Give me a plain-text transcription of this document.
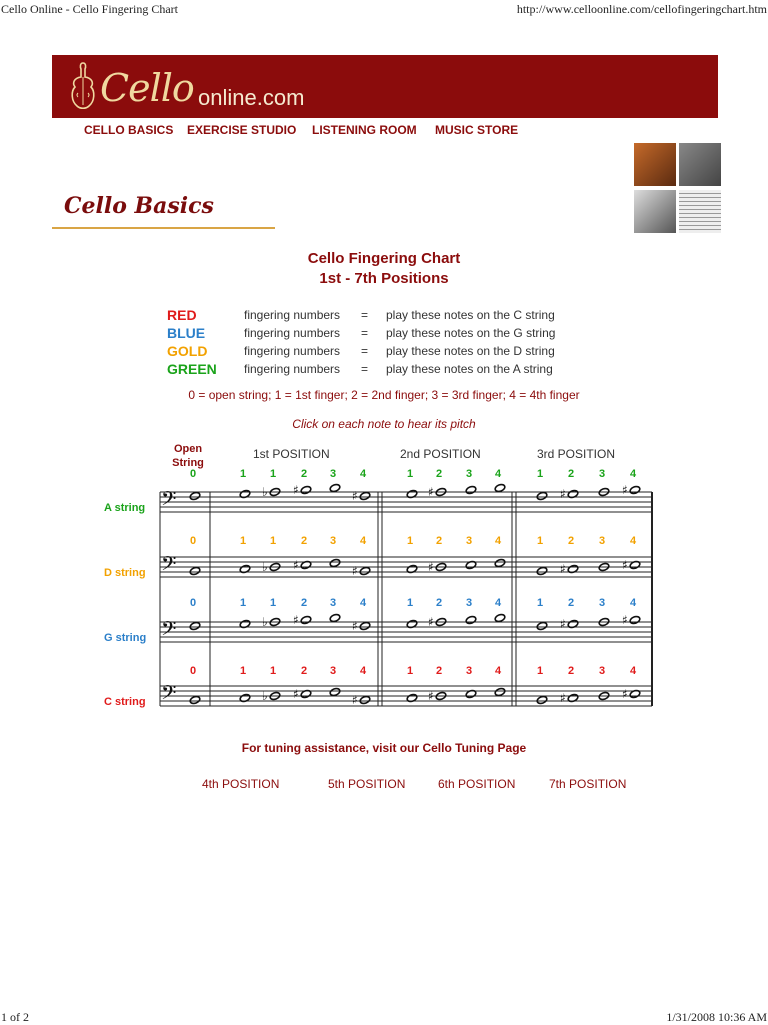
Cello Online - Cello Fingering Chart	http://www.celloonline.com/cellofingeringchart.htm
1 of 2	1/31/2008 10:36 AM
Cello online.com
CELLO BASICS EXERCISE STUDIO LISTENING ROOM MUSIC STORE
Cello Basics
Cello Fingering Chart
1st - 7th Positions
RED	fingering numbers = play these notes on the C string
BLUE	fingering numbers = play these notes on the G string
GOLD	fingering numbers = play these notes on the D string
GREEN fingering numbers = play these notes on the A string
0 = open string; 1 = 1st finger; 2 = 2nd finger; 3 = 3rd finger; 4 = 4th finger
Click on each note to hear its pitch
Open String
1st POSITION	2nd POSITION	3rd POSITION
𝄢	♭ ♯	♯	♯	♯	♯
𝄢	♭ ♯	♯	♯	♯	♯
𝄢	♭ ♯	♯	♯	♯	♯
𝄢	♭ ♯	♯	♯	♯	♯
0	1	1	2	3	4	1	2	3	4	1	2	3	4
A string
0	1	1	2	3	4	1	2	3	4	1	2	3	4
D string
0	1	1	2	3	4	1	2	3	4	1	2	3	4
G string
0	1	1	2	3	4	1	2	3	4	1	2	3	4
C string
For tuning assistance, visit our Cello Tuning Page
4th POSITION	5th POSITION	6th POSITION	7th POSITION
